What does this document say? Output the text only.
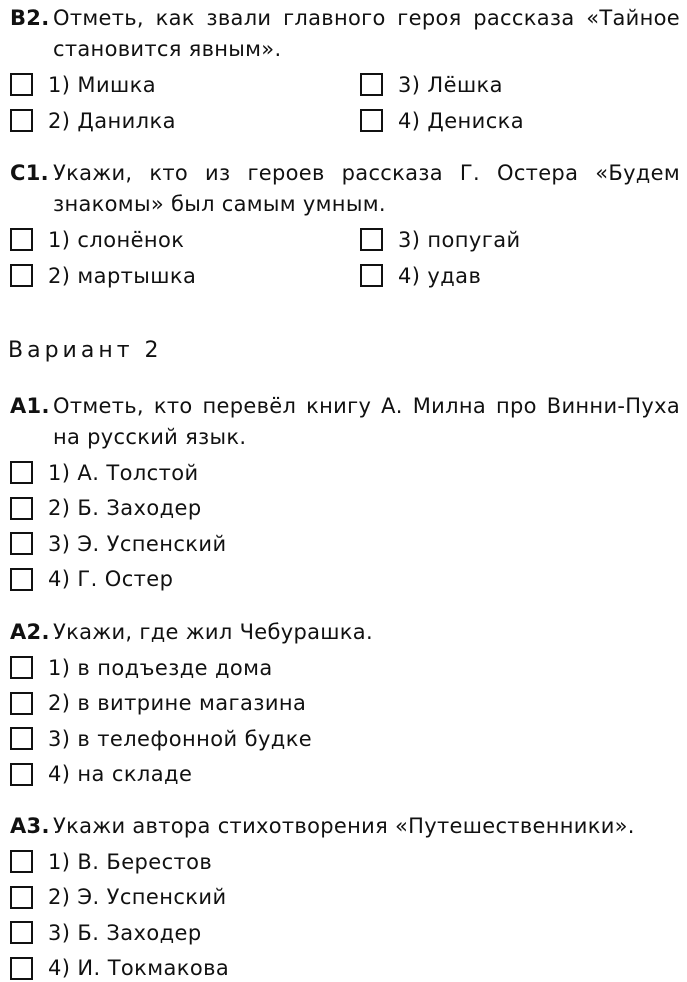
B2. Отметь, как звали главного героя рассказа «Тайное становится явным».
1) Мишка	3) Лёшка
2) Данилка	4) Дениска
C1. Укажи, кто из героев рассказа Г. Остера «Будем знакомы» был самым умным.
1) слонёнок	3) попугай
2) мартышка	4) удав
Вариант 2
A1. Отметь, кто перевёл книгу А. Милна про Винни-Пуха на русский язык.
1) А. Толстой
2) Б. Заходер
3) Э. Успенский
4) Г. Остер
A2. Укажи, где жил Чебурашка.
1) в подъезде дома
2) в витрине магазина
3) в телефонной будке
4) на складе
A3. Укажи автора стихотворения «Путешественники».
1) В. Берестов
2) Э. Успенский
3) Б. Заходер
4) И. Токмакова
